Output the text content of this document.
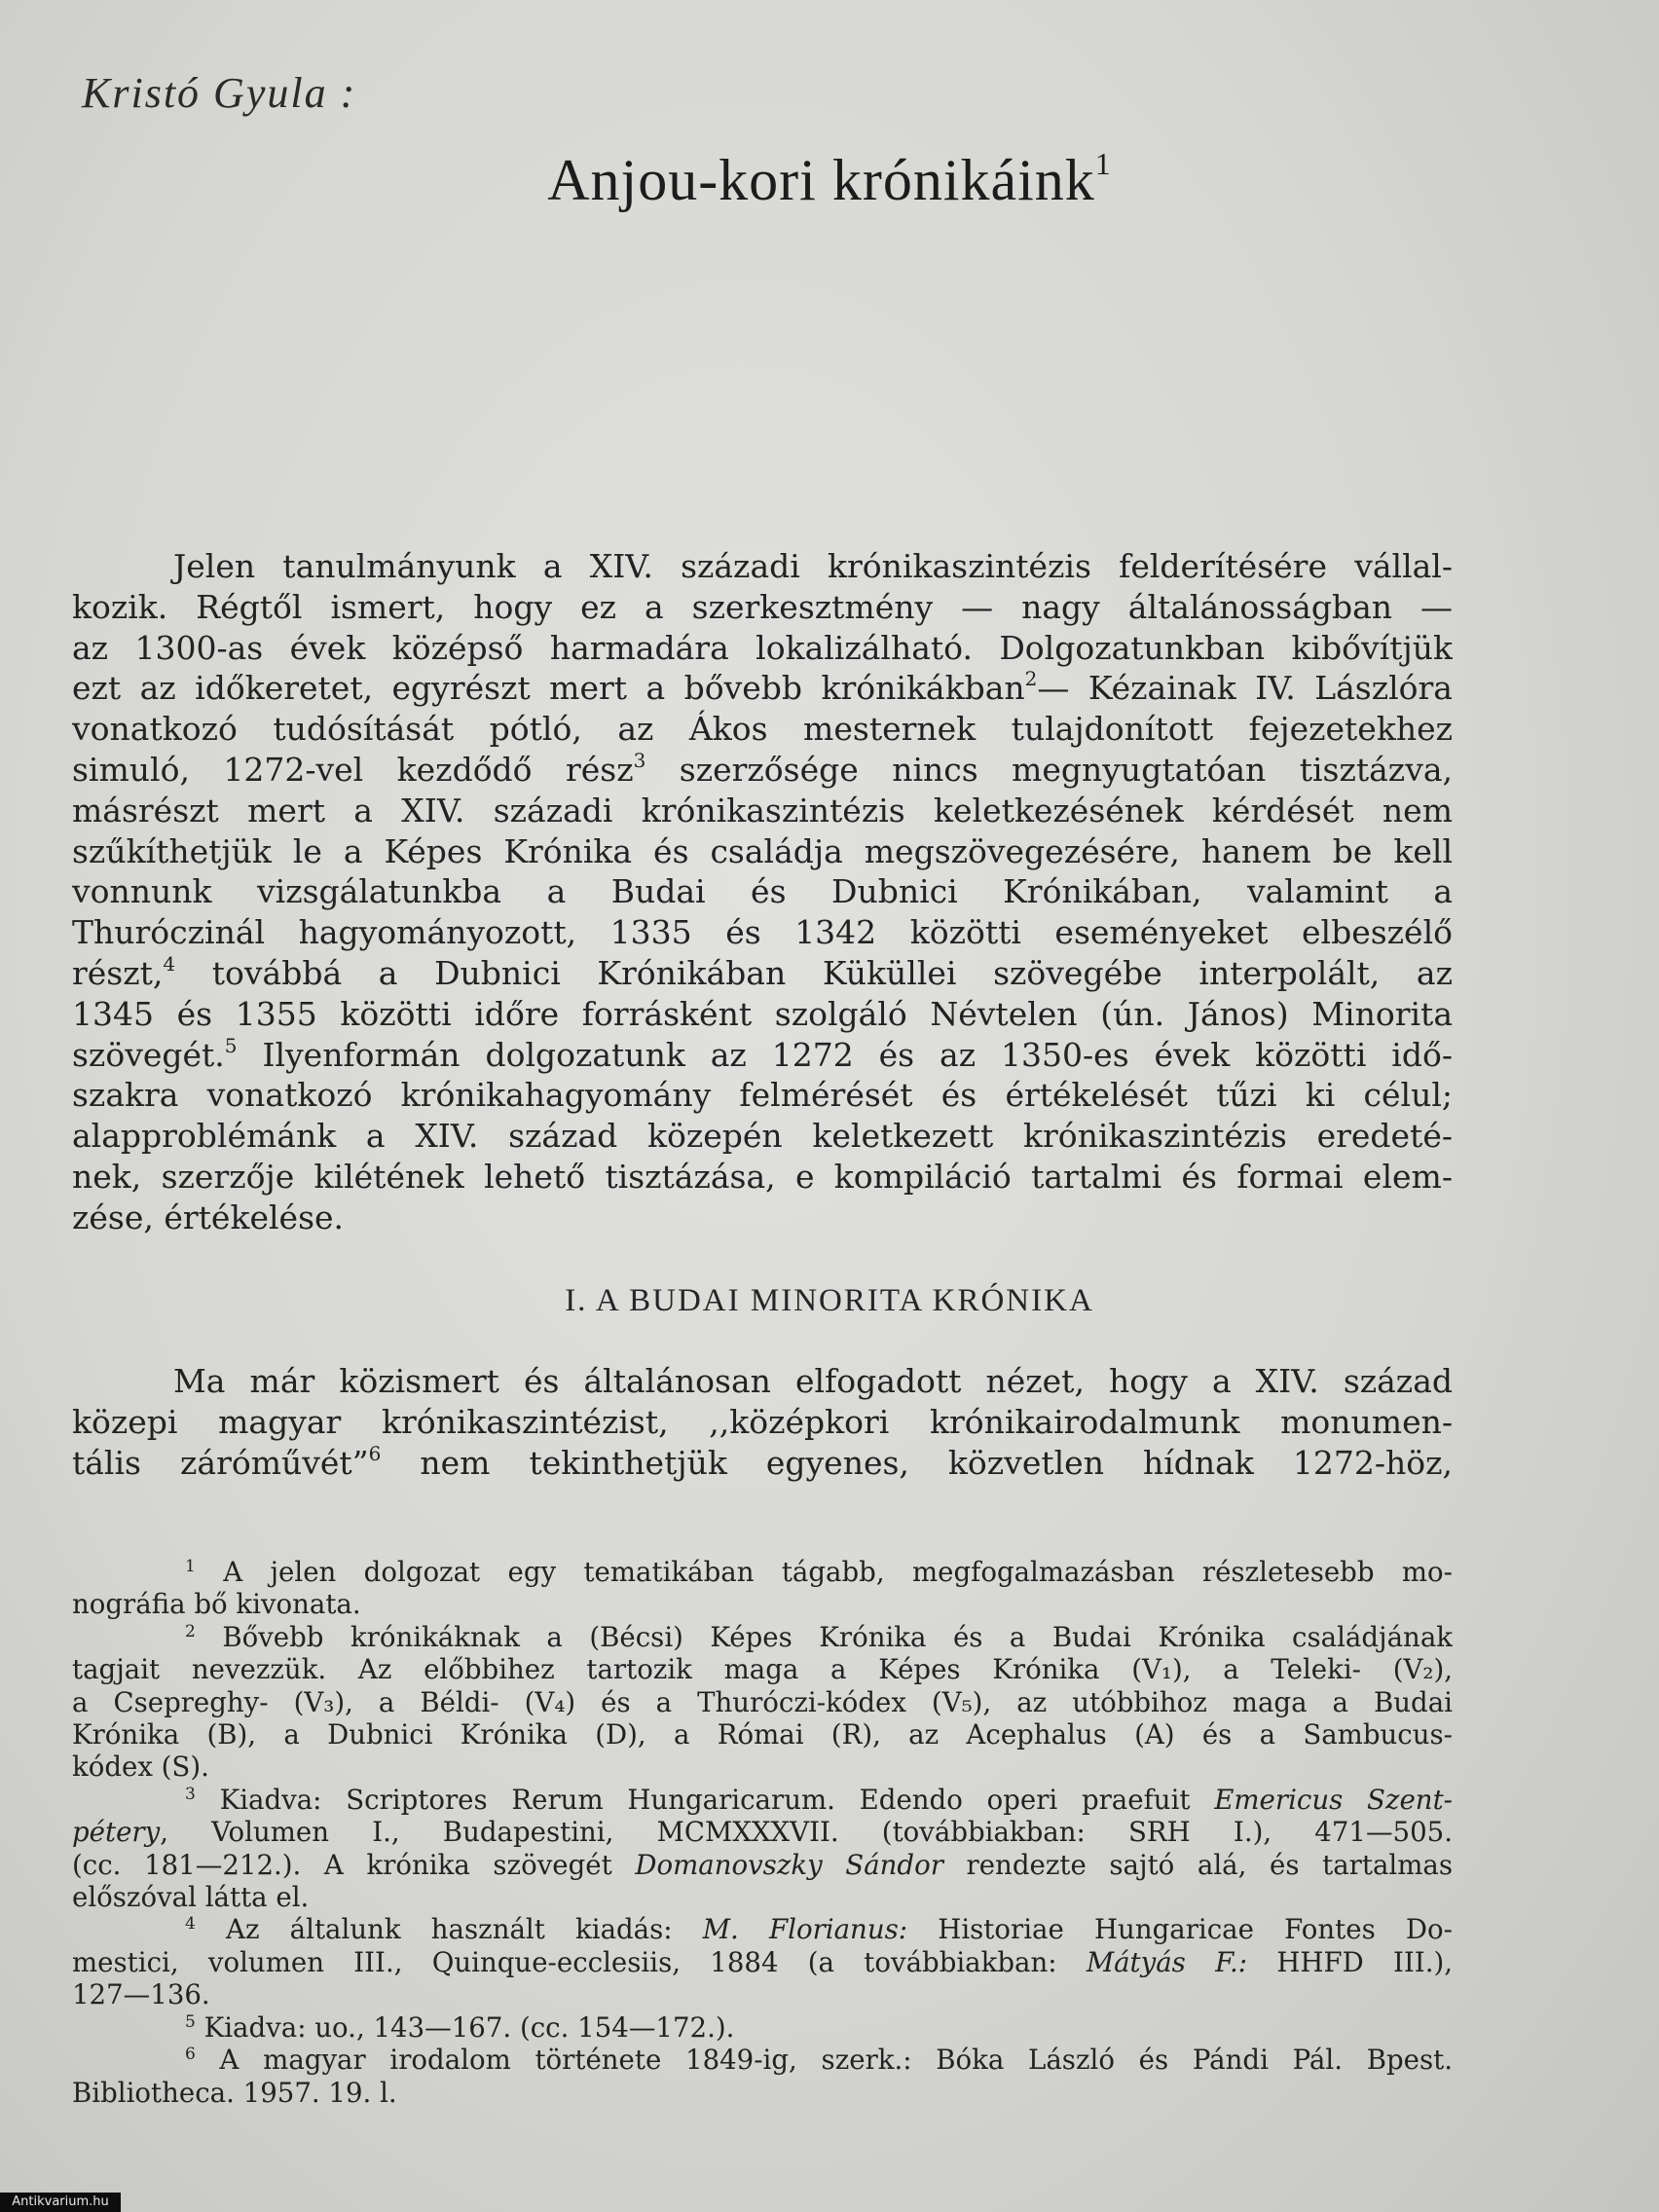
Kristó Gyula :
Anjou-kori krónikáink$^1$
Jelen tanulmányunk a XIV. századi krónikaszintézis felderítésére vállal-
kozik. Régtől ismert, hogy ez a szerkesztmény — nagy általánosságban —
az 1300-as évek középső harmadára lokalizálható. Dolgozatunkban kibővítjük
ezt az időkeretet, egyrészt mert a bővebb krónikákban$^2$— Kézainak IV. Lászlóra
vonatkozó tudósítását pótló, az Ákos mesternek tulajdonított fejezetekhez
simuló, 1272-vel kezdődő rész$^3$ szerzősége nincs megnyugtatóan tisztázva,
másrészt mert a XIV. századi krónikaszintézis keletkezésének kérdését nem
szűkíthetjük le a Képes Krónika és családja megszövegezésére, hanem be kell
vonnunk vizsgálatunkba a Budai és Dubnici Krónikában, valamint a
Thuróczinál hagyományozott, 1335 és 1342 közötti eseményeket elbeszélő
részt,$^4$ továbbá a Dubnici Krónikában Küküllei szövegébe interpolált, az
1345 és 1355 közötti időre forrásként szolgáló Névtelen (ún. János) Minorita
szövegét.$^5$ Ilyenformán dolgozatunk az 1272 és az 1350-es évek közötti idő-
szakra vonatkozó krónikahagyomány felmérését és értékelését tűzi ki célul;
alapproblémánk a XIV. század közepén keletkezett krónikaszintézis eredeté-
nek, szerzője kilétének lehető tisztázása, e kompiláció tartalmi és formai elem-
zése, értékelése.
I. A BUDAI MINORITA KRÓNIKA
Ma már közismert és általánosan elfogadott nézet, hogy a XIV. század
közepi magyar krónikaszintézist, ,,középkori krónikairodalmunk monumen-
tális záróművét”$^6$ nem tekinthetjük egyenes, közvetlen hídnak 1272-höz,
$^1$ A jelen dolgozat egy tematikában tágabb, megfogalmazásban részletesebb mo-
nográfia bő kivonata.
$^2$ Bővebb krónikáknak a (Bécsi) Képes Krónika és a Budai Krónika családjának
tagjait nevezzük. Az előbbihez tartozik maga a Képes Krónika (V₁), a Teleki- (V₂),
a Csepreghy- (V₃), a Béldi- (V₄) és a Thuróczi-kódex (V₅), az utóbbihoz maga a Budai
Krónika (B), a Dubnici Krónika (D), a Római (R), az Acephalus (A) és a Sambucus-
kódex (S).
$^3$ Kiadva: Scriptores Rerum Hungaricarum. Edendo operi praefuit Emericus Szent-
pétery, Volumen I., Budapestini, MCMXXXVII. (továbbiakban: SRH I.), 471—505.
(cc. 181—212.). A krónika szövegét Domanovszky Sándor rendezte sajtó alá, és tartalmas
előszóval látta el.
$^4$ Az általunk használt kiadás: M. Florianus: Historiae Hungaricae Fontes Do-
mestici, volumen III., Quinque-ecclesiis, 1884 (a továbbiakban: Mátyás F.: HHFD III.),
127—136.
$^5$ Kiadva: uo., 143—167. (cc. 154—172.).
$^6$ A magyar irodalom története 1849-ig, szerk.: Bóka László és Pándi Pál. Bpest.
Bibliotheca. 1957. 19. l.
Antikvarium.hu
